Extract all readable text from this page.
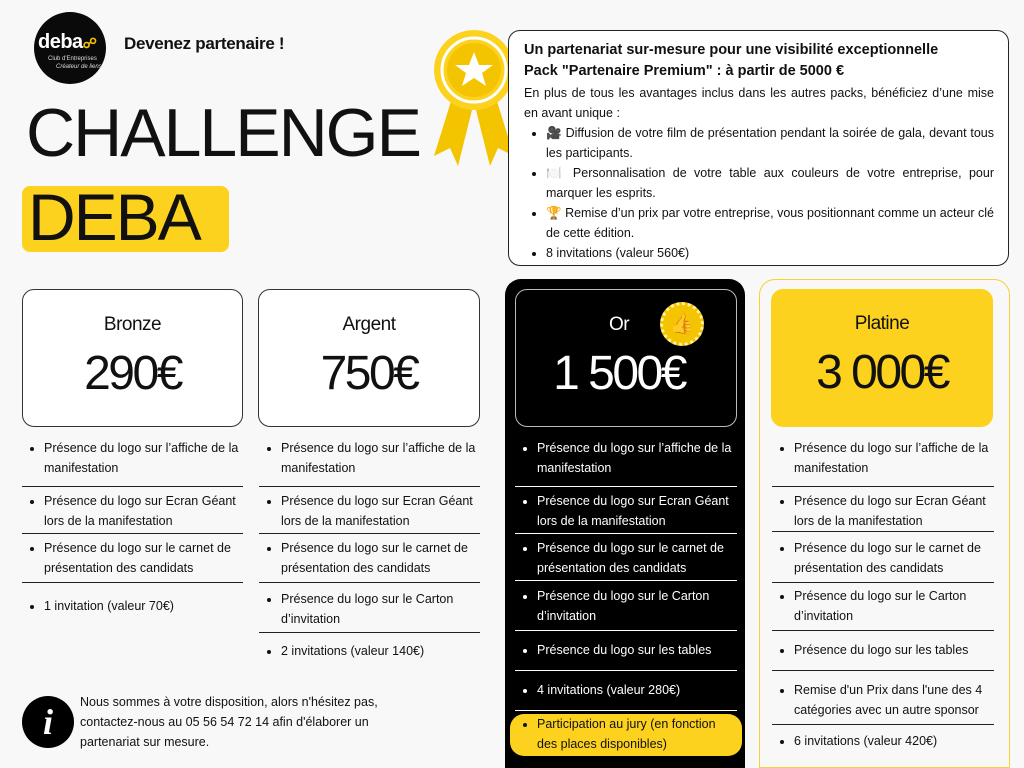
deba☍
Club d'Entreprises
Créateur de liens
Devenez partenaire !
CHALLENGE
DEBA
Un partenariat sur-mesure pour une visibilité exceptionnelle
Pack "Partenaire Premium" : à partir de 5000 €

En plus de tous les avantages inclus dans les autres packs, bénéficiez d’une mise en avant unique :

• 🎥 Diffusion de votre film de présentation pendant la soirée de gala, devant tous les participants.
• 🍽️ Personnalisation de votre table aux couleurs de votre entreprise, pour marquer les esprits.
• 🏆 Remise d’un prix par votre entreprise, vous positionnant comme un acteur clé de cette édition.
• 8 invitations (valeur 560€)
Bronze
290€
Argent
750€
Or
1 500€
👍	Platine
3 000€
• Présence du logo sur l’affiche de la manifestation
• Présence du logo sur Ecran Géant lors de la manifestation
• Présence du logo sur le carnet de présentation des candidats
• 1 invitation (valeur 70€)
• Présence du logo sur l’affiche de la manifestation
• Présence du logo sur Ecran Géant lors de la manifestation
• Présence du logo sur le carnet de présentation des candidats
• Présence du logo sur le Carton d’invitation
• 2 invitations (valeur 140€)
• Présence du logo sur l’affiche de la manifestation
• Présence du logo sur Ecran Géant lors de la manifestation
• Présence du logo sur le carnet de présentation des candidats
• Présence du logo sur le Carton d’invitation
• Présence du logo sur les tables
• 4 invitations (valeur 280€)
• Participation au jury (en fonction des places disponibles)
• Présence du logo sur l’affiche de la manifestation
• Présence du logo sur Ecran Géant lors de la manifestation
• Présence du logo sur le carnet de présentation des candidats
• Présence du logo sur le Carton d’invitation
• Présence du logo sur les tables
• Remise d'un Prix dans l'une des 4 catégories avec un autre sponsor
• 6 invitations (valeur 420€)
i	Nous sommes à votre disposition, alors n'hésitez pas, contactez-nous au 05 56 54 72 14 afin d'élaborer un partenariat sur mesure.
